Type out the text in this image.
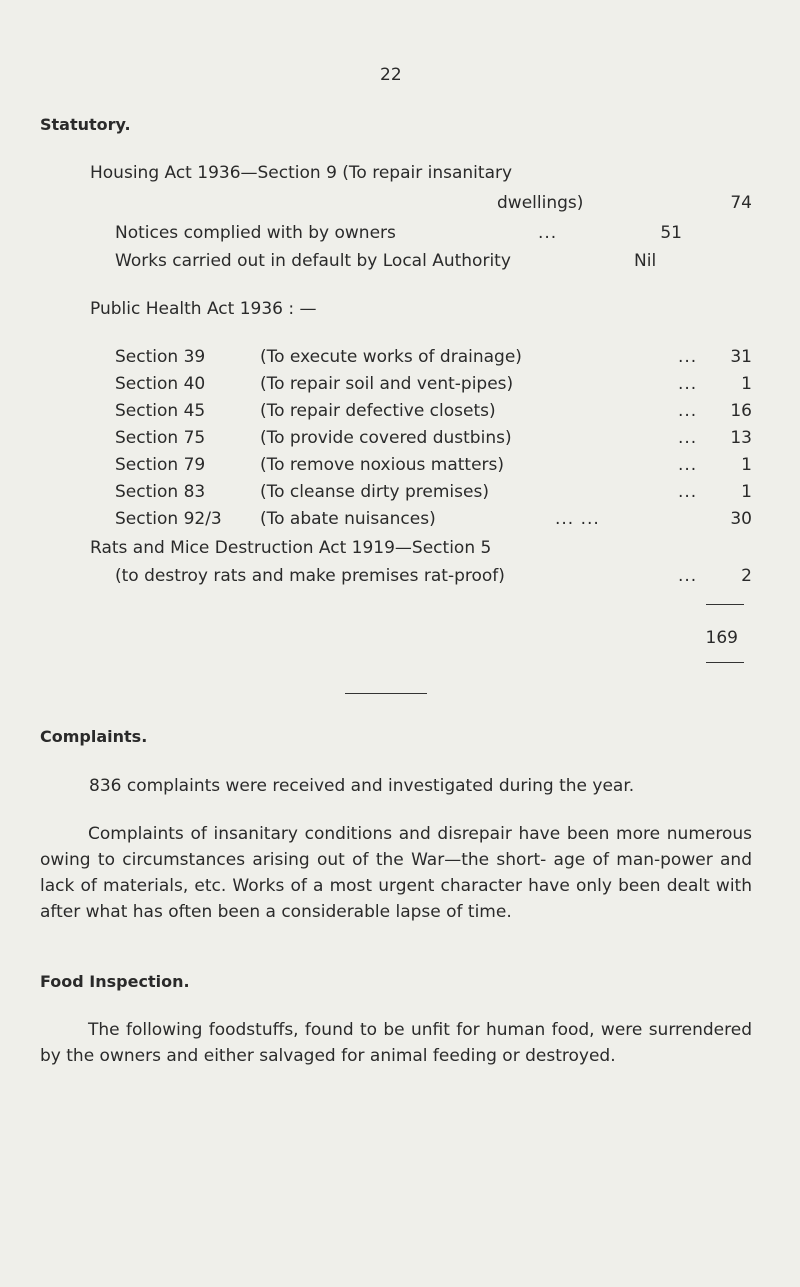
22
Statutory.
Housing Act 1936—Section 9 (To repair insanitary
dwellings)	74
Notices complied with by owners	...	51
Works carried out in default by Local Authority	Nil
Public Health Act 1936 : —
Section 39	(To execute works of drainage)	...	31
Section 40	(To repair soil and vent-pipes)	...	1
Section 45	(To repair defective closets)	...	16
Section 75	(To provide covered dustbins)	...	13
Section 79	(To remove noxious matters)	...	1
Section 83	(To cleanse dirty premises)	...	1
Section 92/3 (To abate nuisances)	... ...	30
Rats and Mice Destruction Act 1919—Section 5
(to destroy rats and make premises rat-proof)	...	2
169
Complaints.
836 complaints were received and investigated during the year.
Complaints of insanitary conditions and disrepair have been more numerous owing to circumstances arising out of the War—the short- age of man-power and lack of materials, etc. Works of a most urgent character have only been dealt with after what has often been a considerable lapse of time.
Food Inspection.
The following foodstuffs, found to be unfit for human food, were surrendered by the owners and either salvaged for animal feeding or destroyed.
